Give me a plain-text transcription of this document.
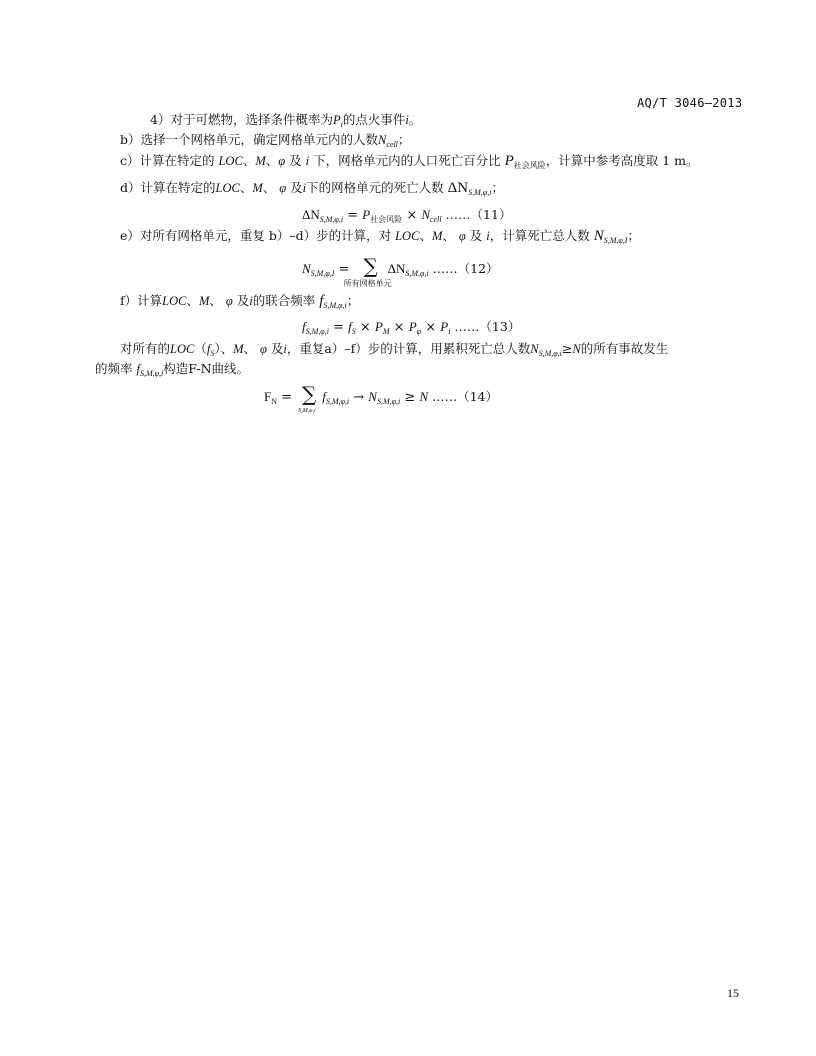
AQ/T 3046—2013
4）对于可燃物，选择条件概率为$P_i$的点火事件i。
b）选择一个网格单元，确定网格单元内的人数$N_{cell}$；
c）计算在特定的 LOC、M、φ 及 i 下，网格单元内的人口死亡百分比 $P_{社会风险}$，计算中参考高度取 1 m。
d）计算在特定的LOC、M、 φ 及i下的网格单元的死亡人数 $\Delta N_{S,M,\varphi,i}$；
$\Delta N_{S,M,\varphi,i} = P_{社会风险} \times N_{cell}$ ……（11）
e）对所有网格单元，重复 b）–d）步的计算，对 LOC、M、 φ 及 i，计算死亡总人数 $N_{S,M,\varphi,I}$；
$N_{S,M,\varphi,I}$ = ∑
所有网格单元
$\Delta N_{S,M,\varphi,i}$ ……（12）
f）计算LOC、M、 φ 及i的联合频率 $f_{S,M,\varphi,i}$；
$f_{S,M,\varphi,i} = f_S \times P_M \times P_\varphi \times P_i$ ……（13）
对所有的$LOC(f_S)$、M、 φ 及i，重复a）–f）步的计算，用累积死亡总人数$N_{S,M,\varphi,i}\ge N$的所有事故发生
的频率 $f_{S,M,\varphi,i}$构造F-N曲线。
$F_N$ = ∑
S,M,φ,i
$f_{S,M,\varphi,i} \to N_{S,M,\varphi,i} \ge N$ ……（14）
15
